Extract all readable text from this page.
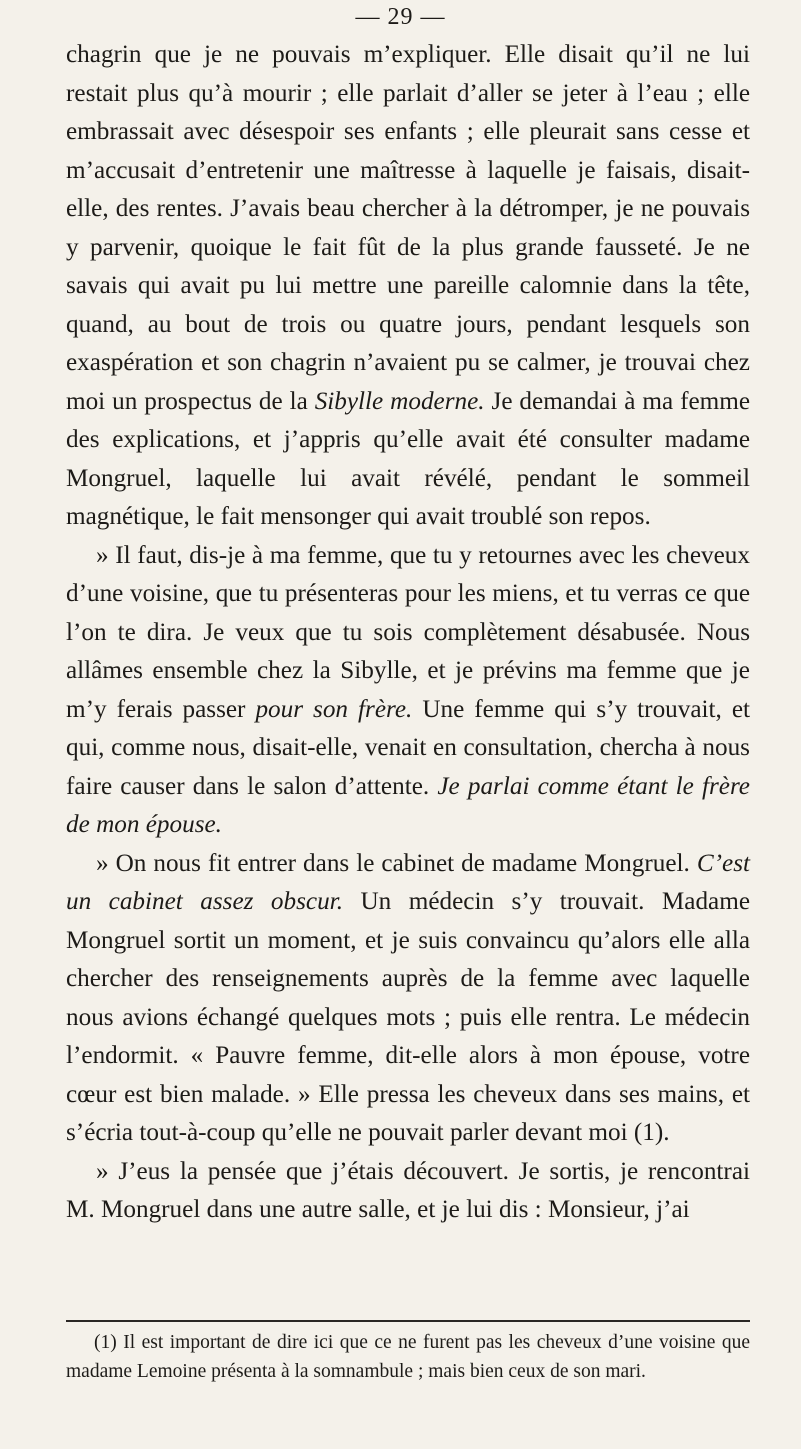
— 29 —

chagrin que je ne pouvais m’expliquer. Elle disait qu’il ne lui restait plus qu’à mourir ; elle parlait d’aller se jeter à l’eau ; elle embrassait avec désespoir ses enfants ; elle pleurait sans cesse et m’accusait d’entretenir une maîtresse à laquelle je faisais, disait-elle, des rentes. J’avais beau chercher à la détromper, je ne pouvais y parvenir, quoique le fait fût de la plus grande fausseté. Je ne savais qui avait pu lui mettre une pareille calomnie dans la tête, quand, au bout de trois ou quatre jours, pendant lesquels son exaspération et son chagrin n’avaient pu se calmer, je trouvai chez moi un prospectus de la Sibylle moderne. Je demandai à ma femme des explications, et j’appris qu’elle avait été consulter madame Mongruel, laquelle lui avait révélé, pendant le sommeil magnétique, le fait mensonger qui avait troublé son repos.

» Il faut, dis-je à ma femme, que tu y retournes avec les cheveux d’une voisine, que tu présenteras pour les miens, et tu verras ce que l’on te dira. Je veux que tu sois complètement désabusée. Nous allâmes ensemble chez la Sibylle, et je prévins ma femme que je m’y ferais passer pour son frère. Une femme qui s’y trouvait, et qui, comme nous, disait-elle, venait en consultation, chercha à nous faire causer dans le salon d’attente. Je parlai comme étant le frère de mon épouse.

» On nous fit entrer dans le cabinet de madame Mongruel. C’est un cabinet assez obscur. Un médecin s’y trouvait. Madame Mongruel sortit un moment, et je suis convaincu qu’alors elle alla chercher des renseignements auprès de la femme avec laquelle nous avions échangé quelques mots ; puis elle rentra. Le médecin l’endormit. « Pauvre femme, dit-elle alors à mon épouse, votre cœur est bien malade. » Elle pressa les cheveux dans ses mains, et s’écria tout-à-coup qu’elle ne pouvait parler devant moi (1).

» J’eus la pensée que j’étais découvert. Je sortis, je rencontrai M. Mongruel dans une autre salle, et je lui dis : Monsieur, j’ai

(1) Il est important de dire ici que ce ne furent pas les cheveux d’une voisine que madame Lemoine présenta à la somnambule ; mais bien ceux de son mari.
